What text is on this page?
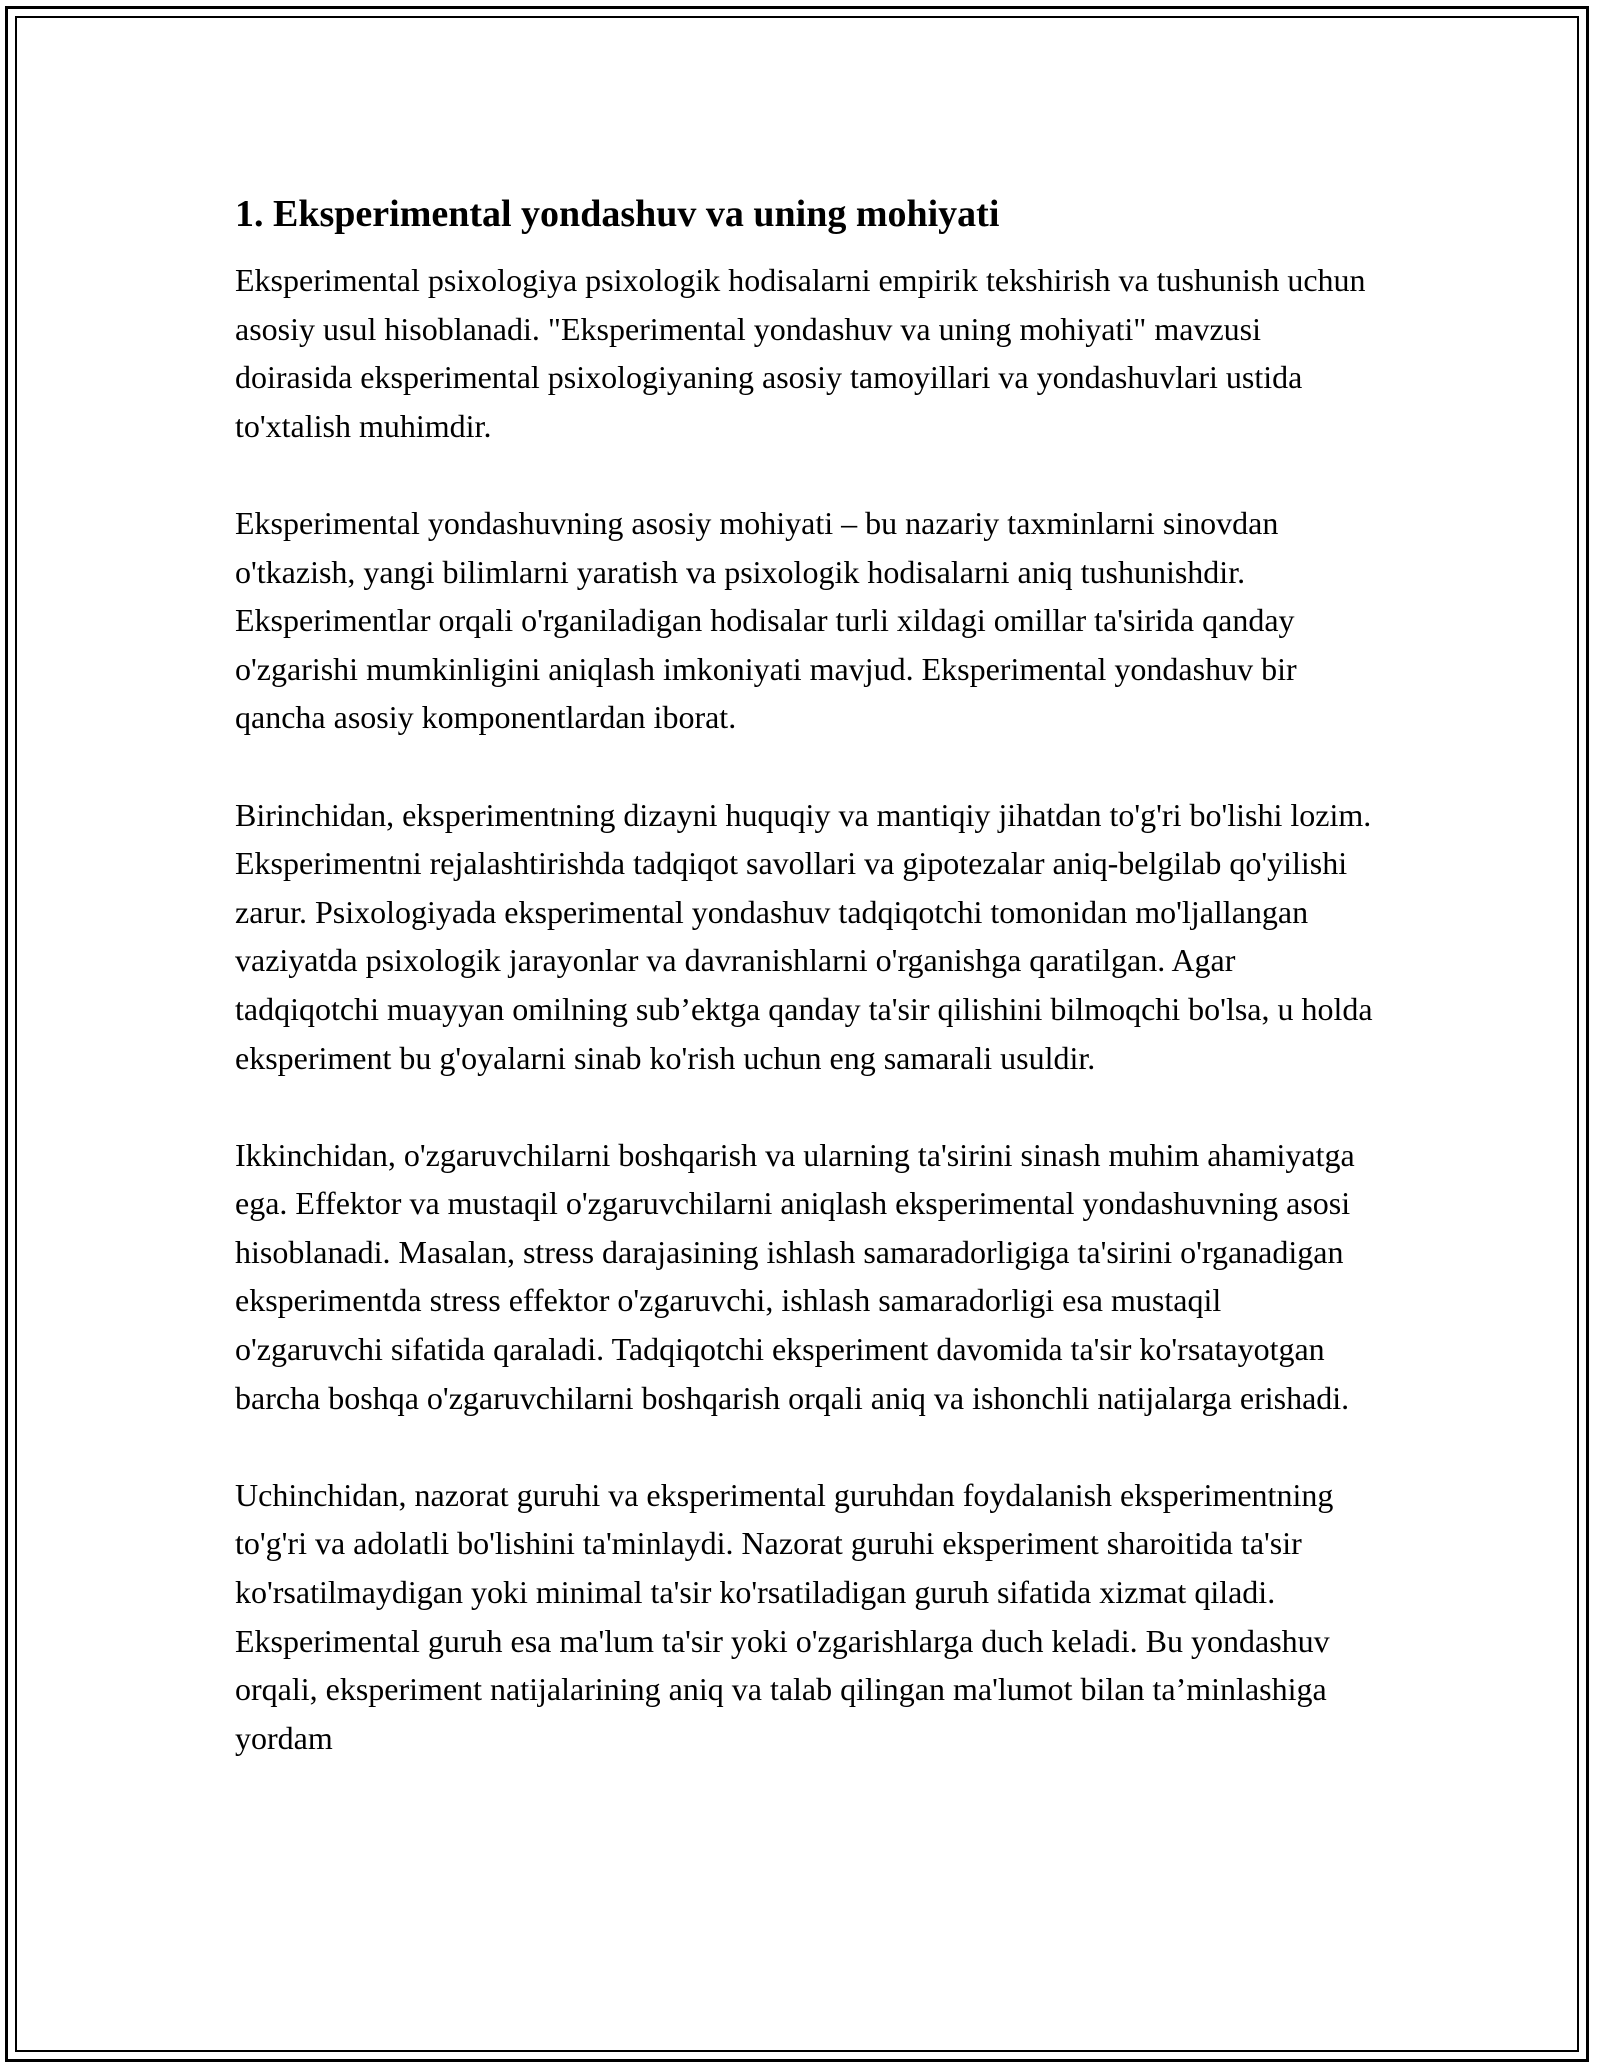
1. Eksperimental yondashuv va uning mohiyati

Eksperimental psixologiya psixologik hodisalarni empirik tekshirish va tushunish uchun asosiy usul hisoblanadi. "Eksperimental yondashuv va uning mohiyati" mavzusi doirasida eksperimental psixologiyaning asosiy tamoyillari va yondashuvlari ustida to'xtalish muhimdir.

Eksperimental yondashuvning asosiy mohiyati – bu nazariy taxminlarni sinovdan o'tkazish, yangi bilimlarni yaratish va psixologik hodisalarni aniq tushunishdir. Eksperimentlar orqali o'rganiladigan hodisalar turli xildagi omillar ta'sirida qanday o'zgarishi mumkinligini aniqlash imkoniyati mavjud. Eksperimental yondashuv bir qancha asosiy komponentlardan iborat.

Birinchidan, eksperimentning dizayni huquqiy va mantiqiy jihatdan to'g'ri bo'lishi lozim. Eksperimentni rejalashtirishda tadqiqot savollari va gipotezalar aniq-belgilab qo'yilishi zarur. Psixologiyada eksperimental yondashuv tadqiqotchi tomonidan mo'ljallangan vaziyatda psixologik jarayonlar va davranishlarni o'rganishga qaratilgan. Agar tadqiqotchi muayyan omilning sub’ektga qanday ta'sir qilishini bilmoqchi bo'lsa, u holda eksperiment bu g'oyalarni sinab ko'rish uchun eng samarali usuldir.

Ikkinchidan, o'zgaruvchilarni boshqarish va ularning ta'sirini sinash muhim ahamiyatga ega. Effektor va mustaqil o'zgaruvchilarni aniqlash eksperimental yondashuvning asosi hisoblanadi. Masalan, stress darajasining ishlash samaradorligiga ta'sirini o'rganadigan eksperimentda stress effektor o'zgaruvchi, ishlash samaradorligi esa mustaqil o'zgaruvchi sifatida qaraladi. Tadqiqotchi eksperiment davomida ta'sir ko'rsatayotgan barcha boshqa o'zgaruvchilarni boshqarish orqali aniq va ishonchli natijalarga erishadi.

Uchinchidan, nazorat guruhi va eksperimental guruhdan foydalanish eksperimentning to'g'ri va adolatli bo'lishini ta'minlaydi. Nazorat guruhi eksperiment sharoitida ta'sir ko'rsatilmaydigan yoki minimal ta'sir ko'rsatiladigan guruh sifatida xizmat qiladi. Eksperimental guruh esa ma'lum ta'sir yoki o'zgarishlarga duch keladi. Bu yondashuv orqali, eksperiment natijalarining aniq va talab qilingan ma'lumot bilan ta’minlashiga yordam
